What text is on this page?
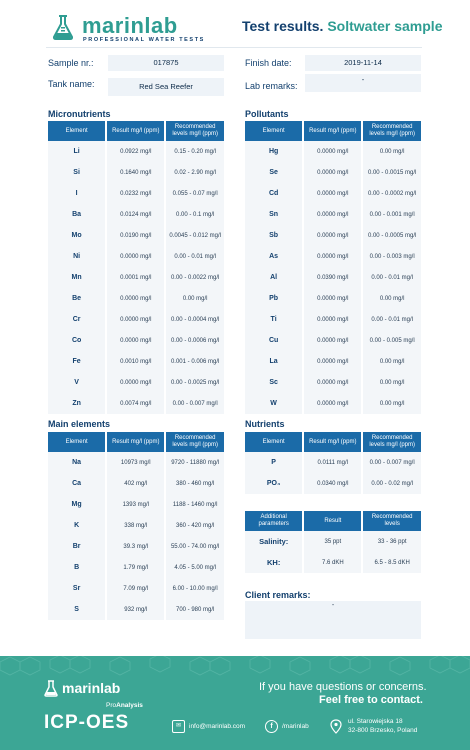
marinlab
PROFESSIONAL WATER TESTS
Test results. Soltwater sample
Sample nr.:	017875
Tank name:	Red Sea Reefer
Finish date:	2019-11-14
Lab remarks:
-
Micronutrients
Element	Result mg/l (ppm)	Recommended levels mg/l (ppm)
Li	0.0922 mg/l	0.15 - 0.20 mg/l
Si	0.1640 mg/l	0.02 - 2.90 mg/l
I	0.0232 mg/l	0.055 - 0.07 mg/l
Ba	0.0124 mg/l	0.00 - 0.1 mg/l
Mo	0.0190 mg/l	0.0045 - 0.012 mg/l
Ni	0.0000 mg/l	0.00 - 0.01 mg/l
Mn	0.0001 mg/l	0.00 - 0.0022 mg/l
Be	0.0000 mg/l	0.00 mg/l
Cr	0.0000 mg/l	0.00 - 0.0004 mg/l
Co	0.0000 mg/l	0.00 - 0.0006 mg/l
Fe	0.0010 mg/l	0.001 - 0.006 mg/l
V	0.0000 mg/l	0.00 - 0.0025 mg/l
Zn	0.0074 mg/l	0.00 - 0.007 mg/l
Pollutants
Element	Result mg/l (ppm)	Recommended levels mg/l (ppm)
Hg	0.0000 mg/l	0.00 mg/l
Se	0.0000 mg/l	0.00 - 0.0015 mg/l
Cd	0.0000 mg/l	0.00 - 0.0002 mg/l
Sn	0.0000 mg/l	0.00 - 0.001 mg/l
Sb	0.0000 mg/l	0.00 - 0.0005 mg/l
As	0.0000 mg/l	0.00 - 0.003 mg/l
Al	0.0390 mg/l	0.00 - 0.01 mg/l
Pb	0.0000 mg/l	0.00 mg/l
Ti	0.0000 mg/l	0.00 - 0.01 mg/l
Cu	0.0000 mg/l	0.00 - 0.005 mg/l
La	0.0000 mg/l	0.00 mg/l
Sc	0.0000 mg/l	0.00 mg/l
W	0.0000 mg/l	0.00 mg/l
Main elements
Element	Result mg/l (ppm)	Recommended levels mg/l (ppm)
Na	10973 mg/l	9720 - 11880 mg/l
Ca	402 mg/l	380 - 460 mg/l
Mg	1393 mg/l	1188 - 1460 mg/l
K	338 mg/l	360 - 420 mg/l
Br	39.3 mg/l	55.00 - 74.00 mg/l
B	1.79 mg/l	4.05 - 5.00 mg/l
Sr	7.09 mg/l	6.00 - 10.00 mg/l
S	932 mg/l	700 - 980 mg/l
Nutrients
Element	Result mg/l (ppm)	Recommended levels mg/l (ppm)
P	0.0111 mg/l	0.00 - 0.007 mg/l
PO₄	0.0340 mg/l	0.00 - 0.02 mg/l
Additional parameters	Result	Recommended levels
Salinity:	35 ppt	33 - 36 ppt
KH:	7.6 dKH	6.5 - 8.5 dKH
Client remarks:
-
marinlab
ProAnalysis
ICP-OES
If you have questions or concerns.
Feel free to contact.
✉	info@marinlab.com	f	/marinlab
ul. Starowiejska 18
32-800 Brzesko, Poland
